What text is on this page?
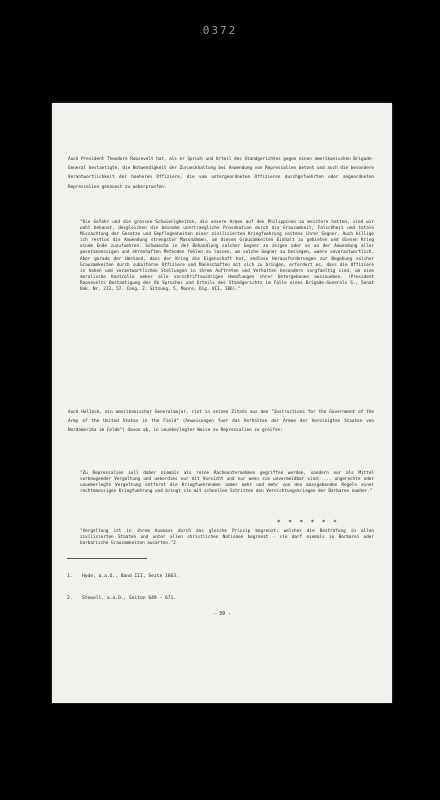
0372

Auch President Theodore Roosevelt hat, als er Spruch und Urteil des Standgerichtes gegen einen amerikanischen Brigade-General bestaetigte, die Notwendigkeit der Zurueckhaltung bei Anwendung von Repressalien betont und auch die besondere Verantwortlichkeit der hoeheren Offiziere, die vom untergeordneten Offizieren durchgefuehrten oder angeordneten Repressalien genauest zu ueberpruefen:

"Die Gefahr und die grossen Schwierigkeiten, die unsere Armee auf den Philippinen zu meistern hatten, sind wir wohl bekannt, desgleichen die beinahe unertraegliche Provokation durch die Grausamkeit, Falschheit und totale Missachtung der Gesetze und Gepflogenheiten einer zivilisierten Kriegfuehrung seitens ihrer Gegner. Auch billige ich restlos die Anwendung strengster Massnahmen, um diesen Grausamkeiten Einhalt zu gebieten und diesen Krieg einem Ende zuzufuehren. Schwaecha in der Behandlung solcher Gegner zu zeigen oder es an der Anwendung aller gesetzmaessigen und ehrenhaften Methoden fehlen zu lassen, um solche Gegner zu besiegen, waere unverantwortlich. Aber gerade der Umstand, dass der Krieg die Eigenschaft hat, endlose Herausforderungen zur Begehung solcher Grausamkeiten durch subalterne Offiziere und Mannschaften mit sich zu bringen, erfordert es, dass die Offiziere in hohen und verantwortlichen Stellungen in ihrem Auftreten und Verhalten besonders sorgfaeltig sind, um eine moralische Kontrolle ueber alle vorschriftswidrigen Handlungen ihrer Untergebenen auszuueben. (President Roosevelts Bestaetigung des Ab Spruches und Urteils des Standgerichts im Falle eines Brigade-Generals S., Senat Dok. Nr. 213, 57. Cong. 2. Sitzung, 5, Moore, Dig. VII, 186)."

Auch Halleck, ein amerikanischer Generalmajor, riet in seinen Zitate aus den "Instructions for the Government of the Army of the United States in the Field" (Anweisungen fuer das Verhalten der Armee der Vereinigten Staaten von Nordamerika im Felde") davon ab, in unueberlegter Weise zu Repressalien zu greifen:

"Zu Repressalien soll daher niemals als reine Racheunternehmen gegriffen werden, sondern nur als Mittel vorbeugender Vergeltung und ueberdies nur mit Vorsicht und nur wenn sie unvermeidbar sind; ... ungerechte oder unueberlegte Vergeltung entfernt die Kriegfuehrenden immer mehr und mehr von den massgebenden Regeln einer rechtmaessigen Kriegfuehrung und bringt sie mit schnellen Schritten den Vernichtungskriegen der Barbaren naeher."

* * * * * *

"Vergeltung ist in ihrem Ausmass durch das gleiche Prinzip begrenzt, welches die Bestrafung in allen zivilisierten Staaten und unter allen christlichen Nationen begrenzt - sie darf niemals in Barbarei oder barbarische Grausamkeiten ausarten."2

1. Hyde, a.a.O., Band III, Seite 1663.
2. Stowell, a.a.O., Seiten 649 - 671.
- 39 -
